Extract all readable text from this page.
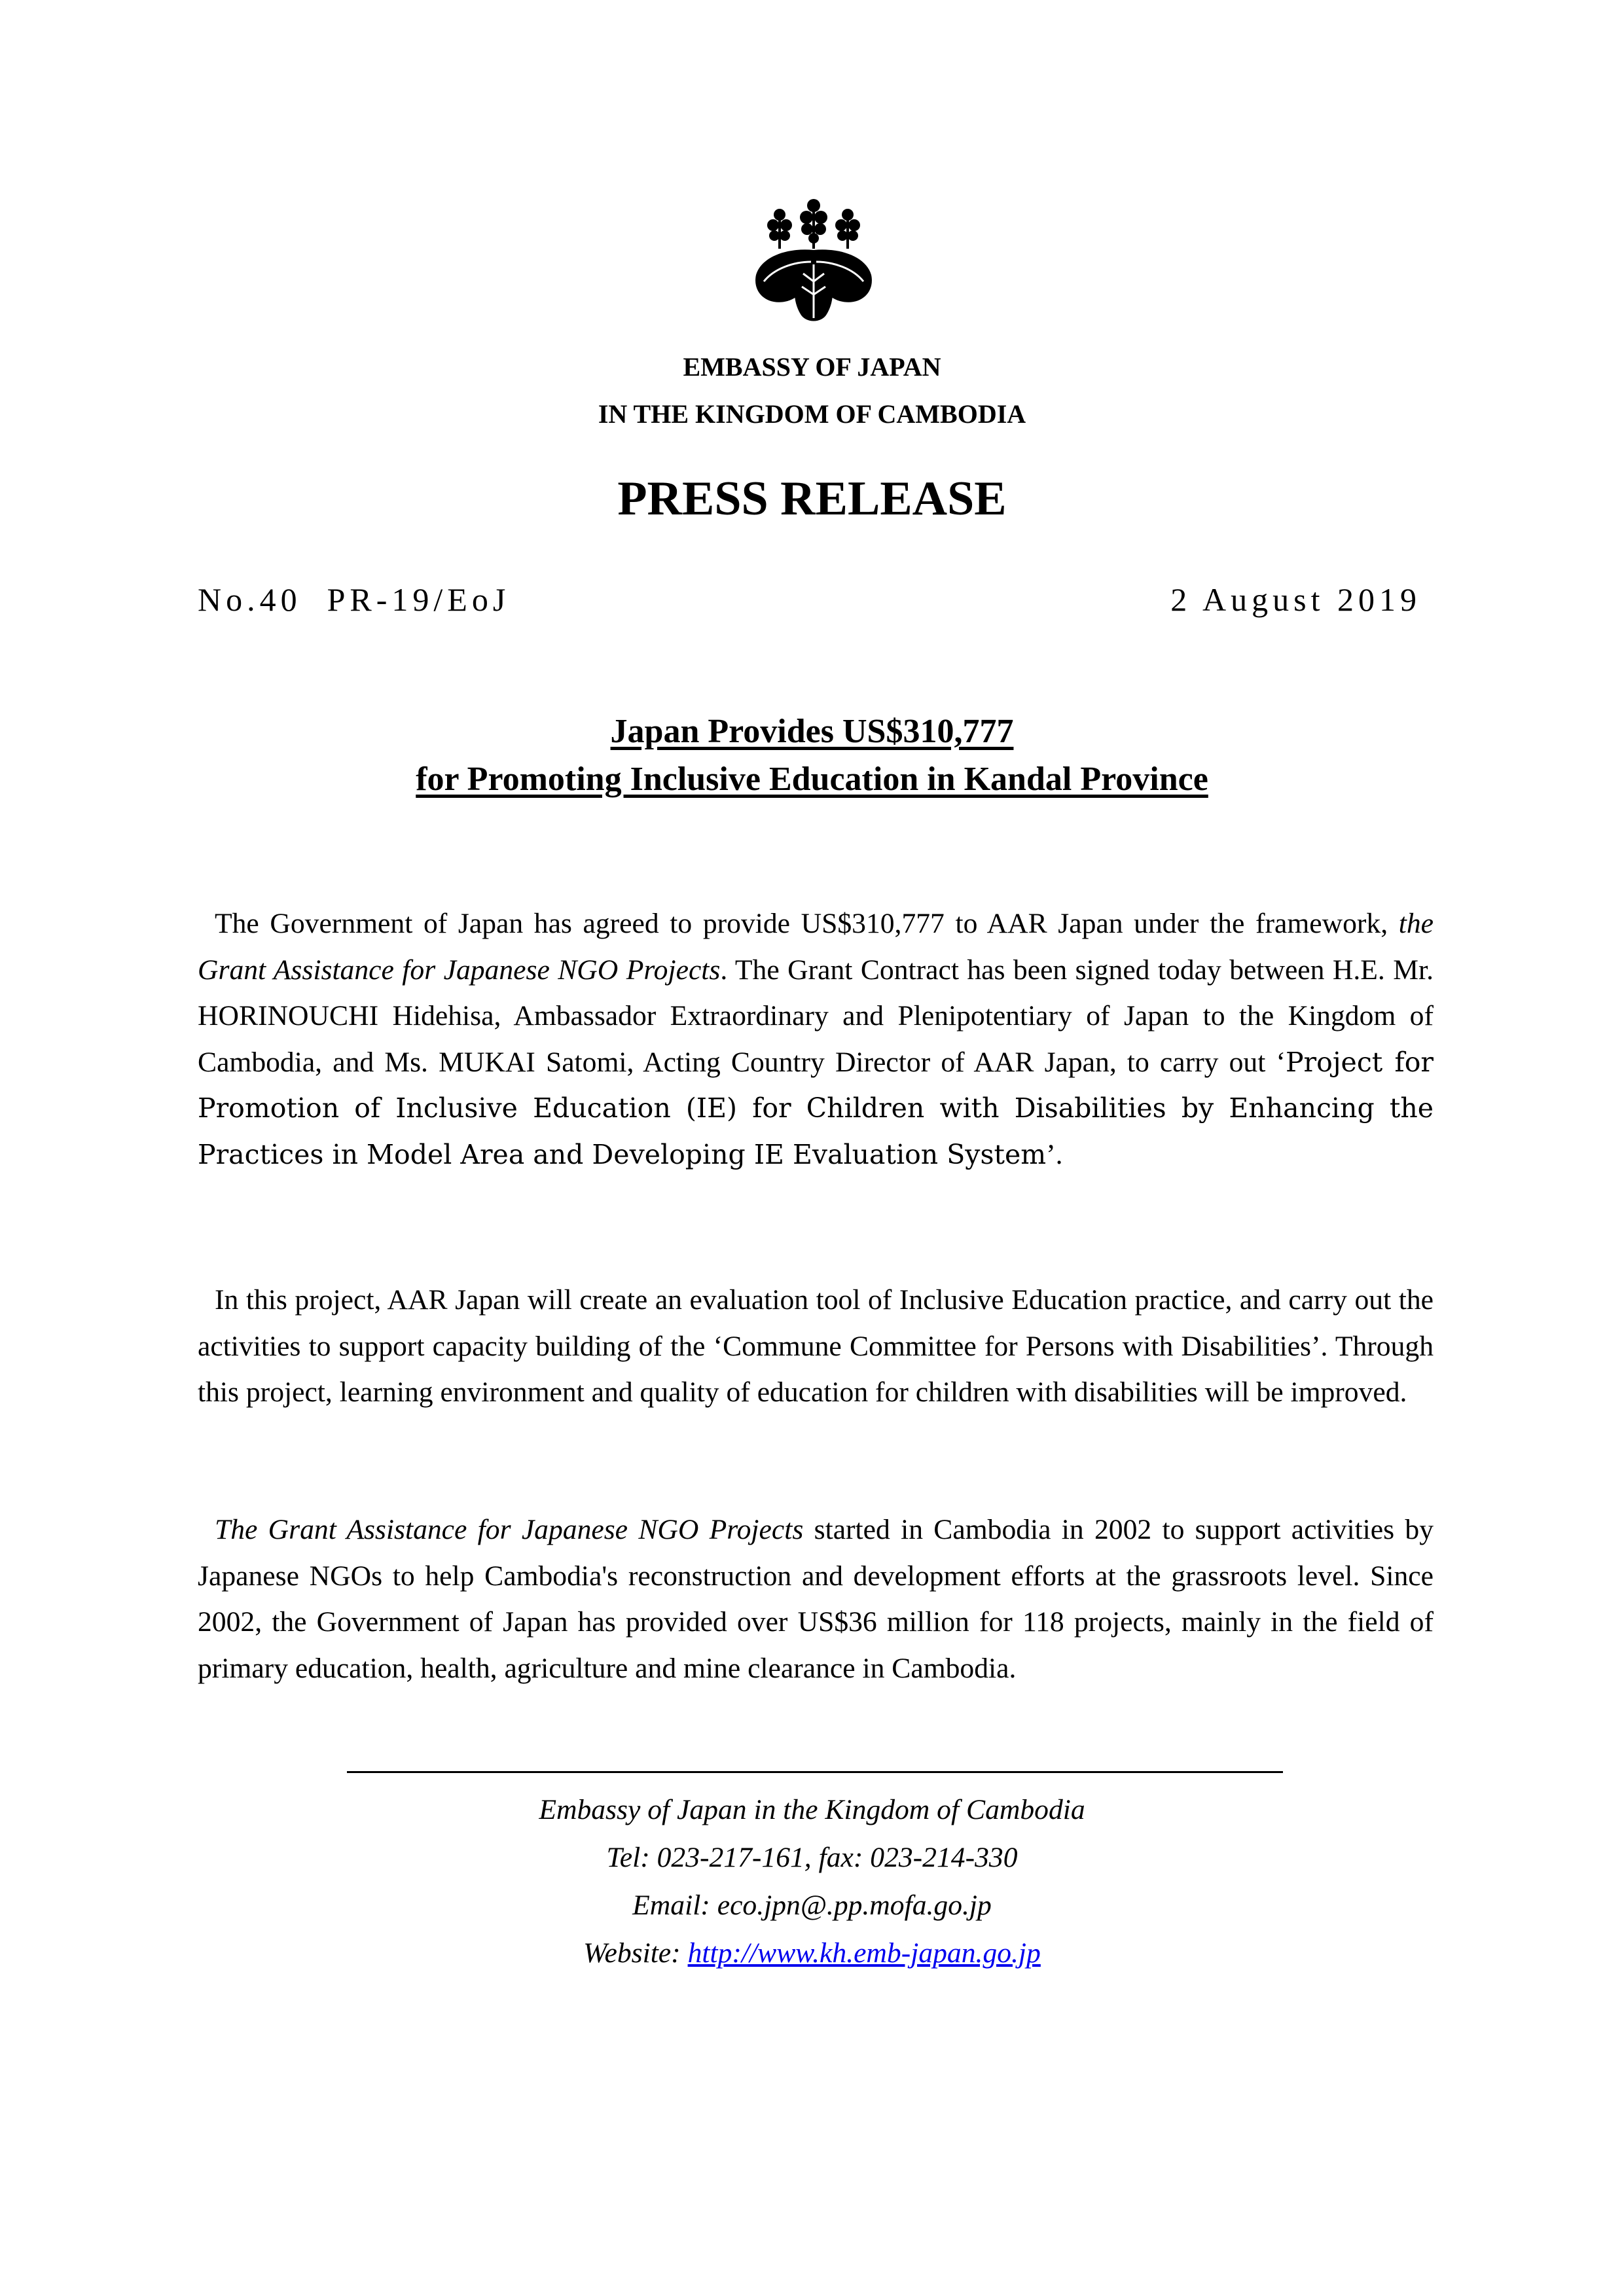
EMBASSY OF JAPAN
IN THE KINGDOM OF CAMBODIA
PRESS RELEASE
No.40  PR-19/EoJ	2 August 2019
Japan Provides US$310,777
for Promoting Inclusive Education in Kandal Province
The Government of Japan has agreed to provide US$310,777 to AAR Japan under the framework, the Grant Assistance for Japanese NGO Projects. The Grant Contract has been signed today between H.E. Mr. HORINOUCHI Hidehisa, Ambassador Extraordinary and Plenipotentiary of Japan to the Kingdom of Cambodia, and Ms. MUKAI Satomi, Acting Country Director of AAR Japan, to carry out ‘Project for Promotion of Inclusive Education (IE) for Children with Disabilities by Enhancing the Practices in Model Area and Developing IE Evaluation System’.
In this project, AAR Japan will create an evaluation tool of Inclusive Education practice, and carry out the activities to support capacity building of the ‘Commune Committee for Persons with Disabilities’. Through this project, learning environment and quality of education for children with disabilities will be improved.
The Grant Assistance for Japanese NGO Projects started in Cambodia in 2002 to support activities by Japanese NGOs to help Cambodia's reconstruction and development efforts at the grassroots level. Since 2002, the Government of Japan has provided over US$36 million for 118 projects, mainly in the field of primary education, health, agriculture and mine clearance in Cambodia.
Embassy of Japan in the Kingdom of Cambodia
Tel: 023-217-161, fax: 023-214-330
Email: eco.jpn@.pp.mofa.go.jp
Website: http://www.kh.emb-japan.go.jp
